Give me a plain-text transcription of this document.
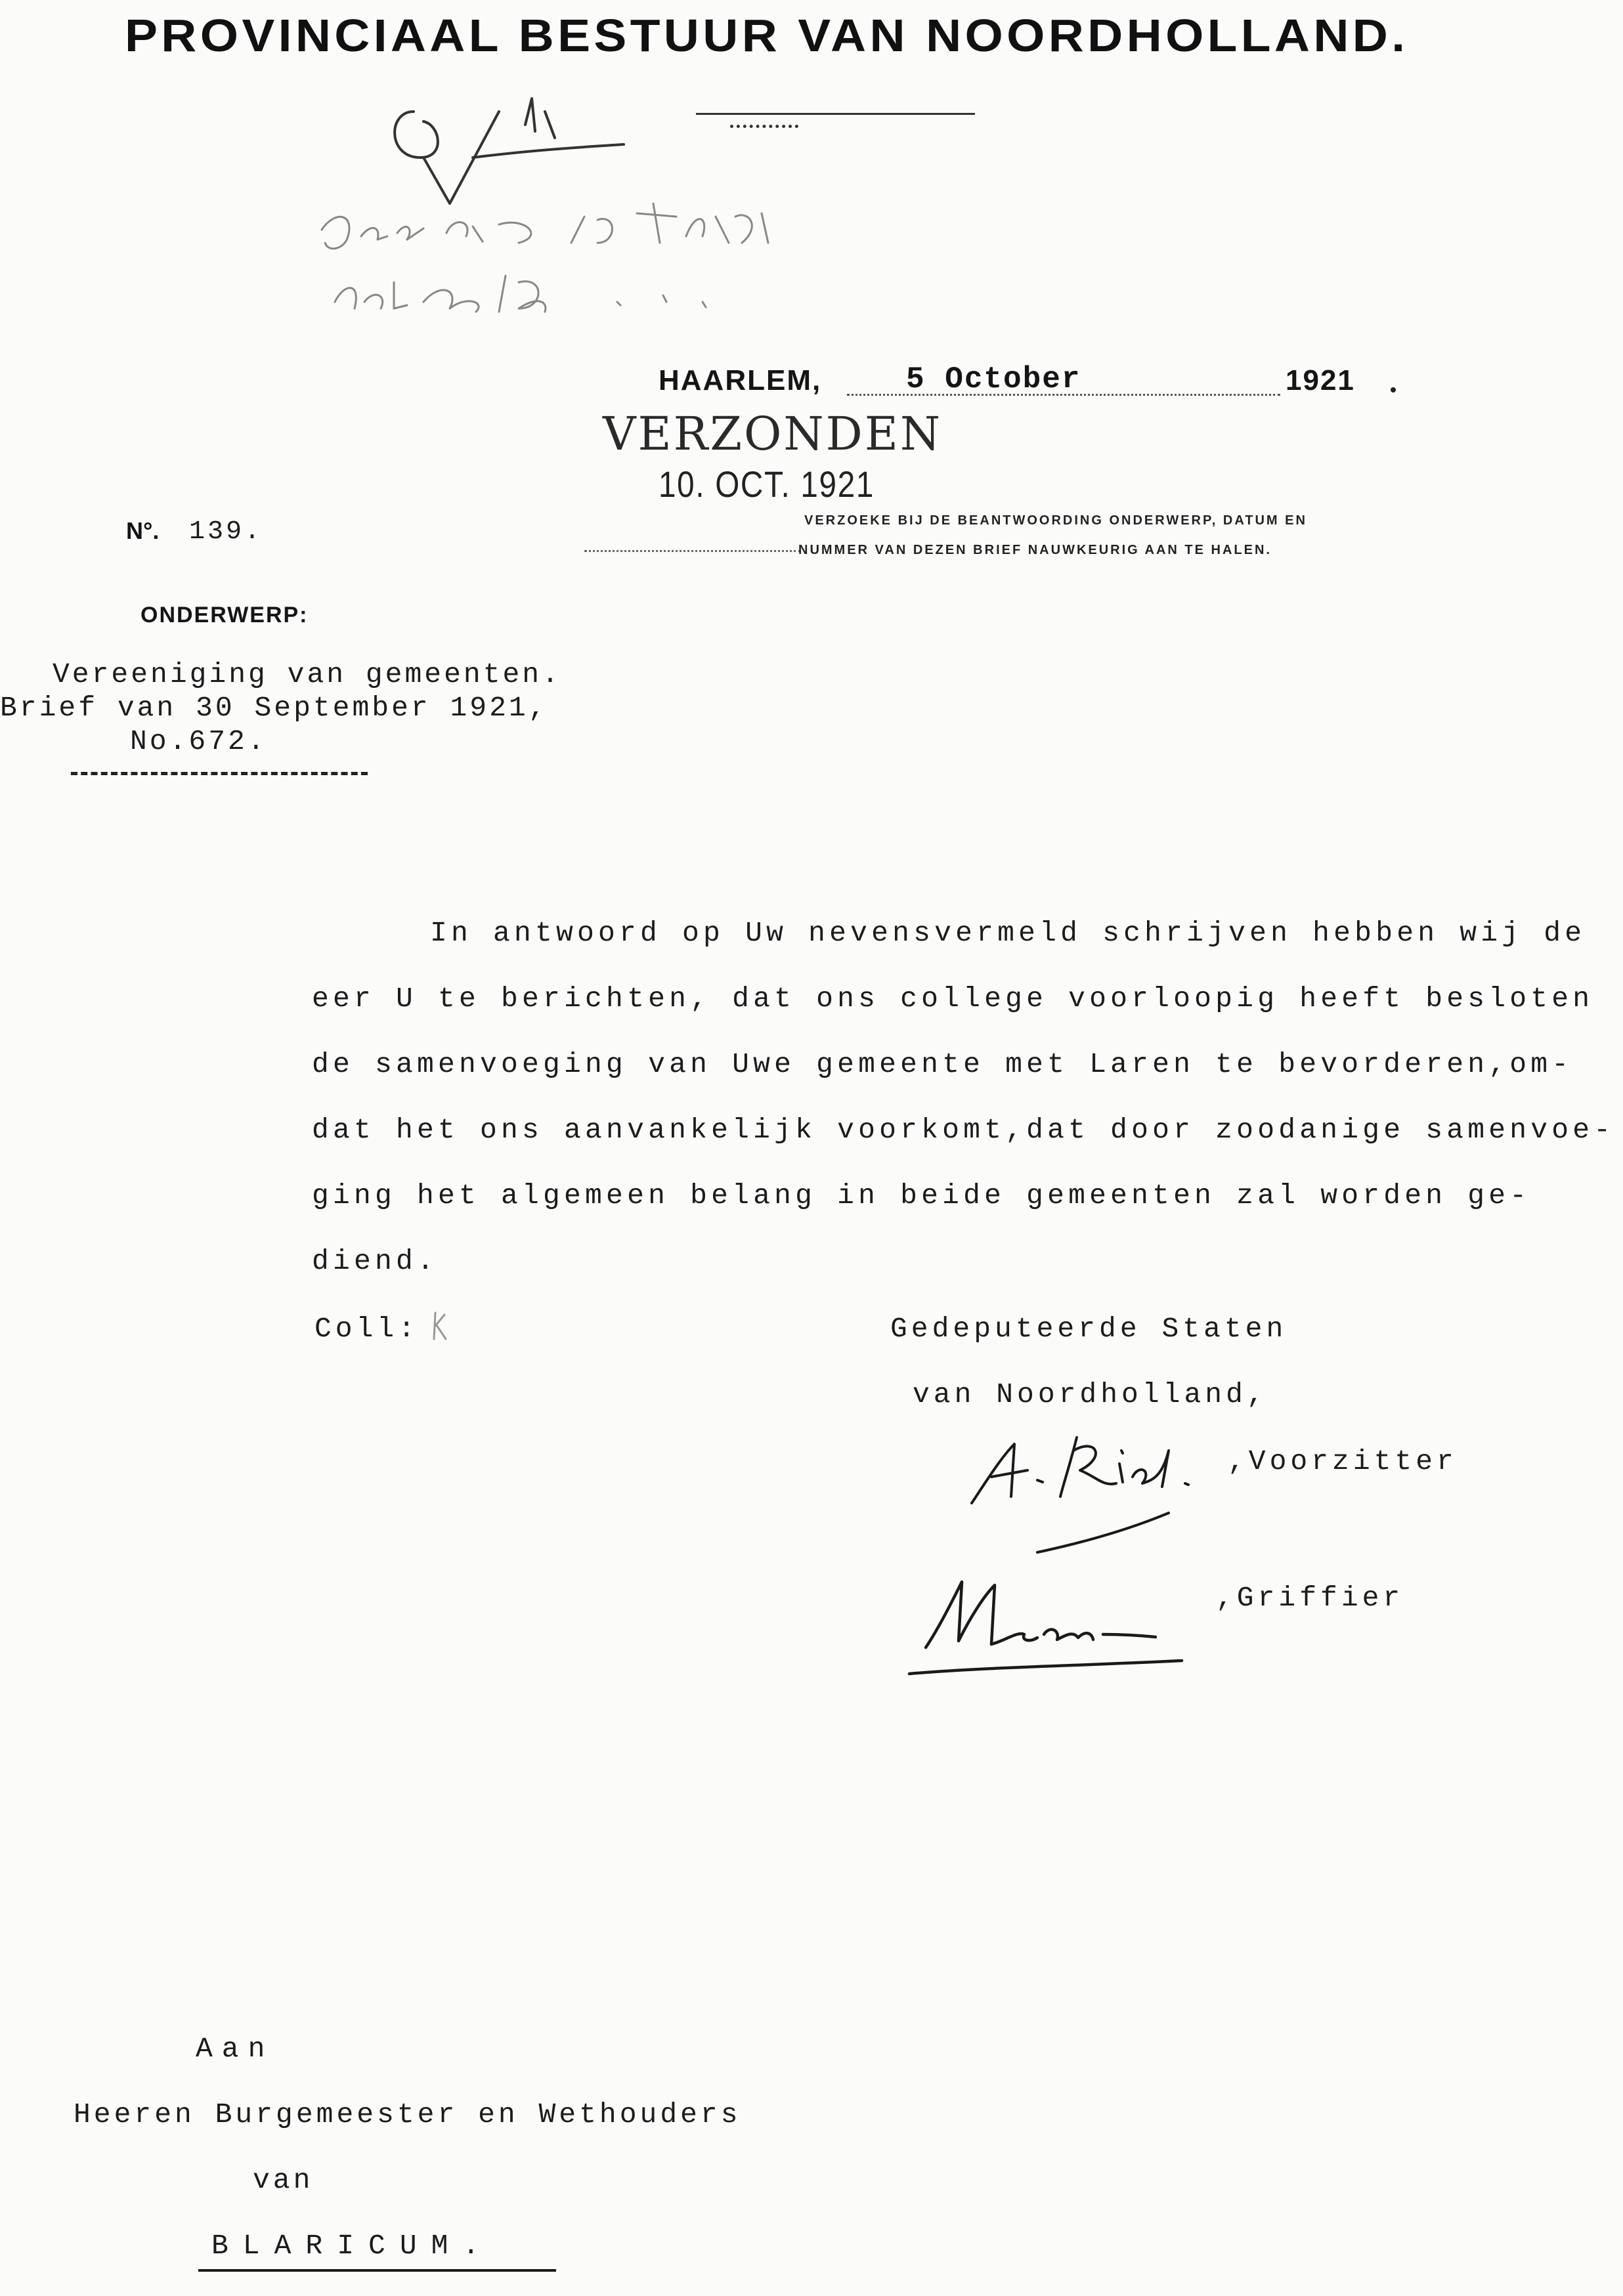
PROVINCIAAL BESTUUR VAN NOORDHOLLAND.
HAARLEM,	5 October	1921
VERZONDEN
10. OCT. 1921
N°. 139.	VERZOEKE BIJ DE BEANTWOORDING ONDERWERP, DATUM EN
NUMMER VAN DEZEN BRIEF NAUWKEURIG AAN TE HALEN.
ONDERWERP:
Vereeniging van gemeenten.
Brief van 30 September 1921,
No.672.
In antwoord op Uw nevensvermeld schrijven hebben wij de
eer U te berichten, dat ons college voorloopig heeft besloten
de samenvoeging van Uwe gemeente met Laren te bevorderen,om-
dat het ons aanvankelijk voorkomt,dat door zoodanige samenvoe-
ging het algemeen belang in beide gemeenten zal worden ge-
diend.
Coll:	Gedeputeerde Staten
van Noordholland,
,Voorzitter
,Griffier
Aan
Heeren Burgemeester en Wethouders
van
BLARICUM.
